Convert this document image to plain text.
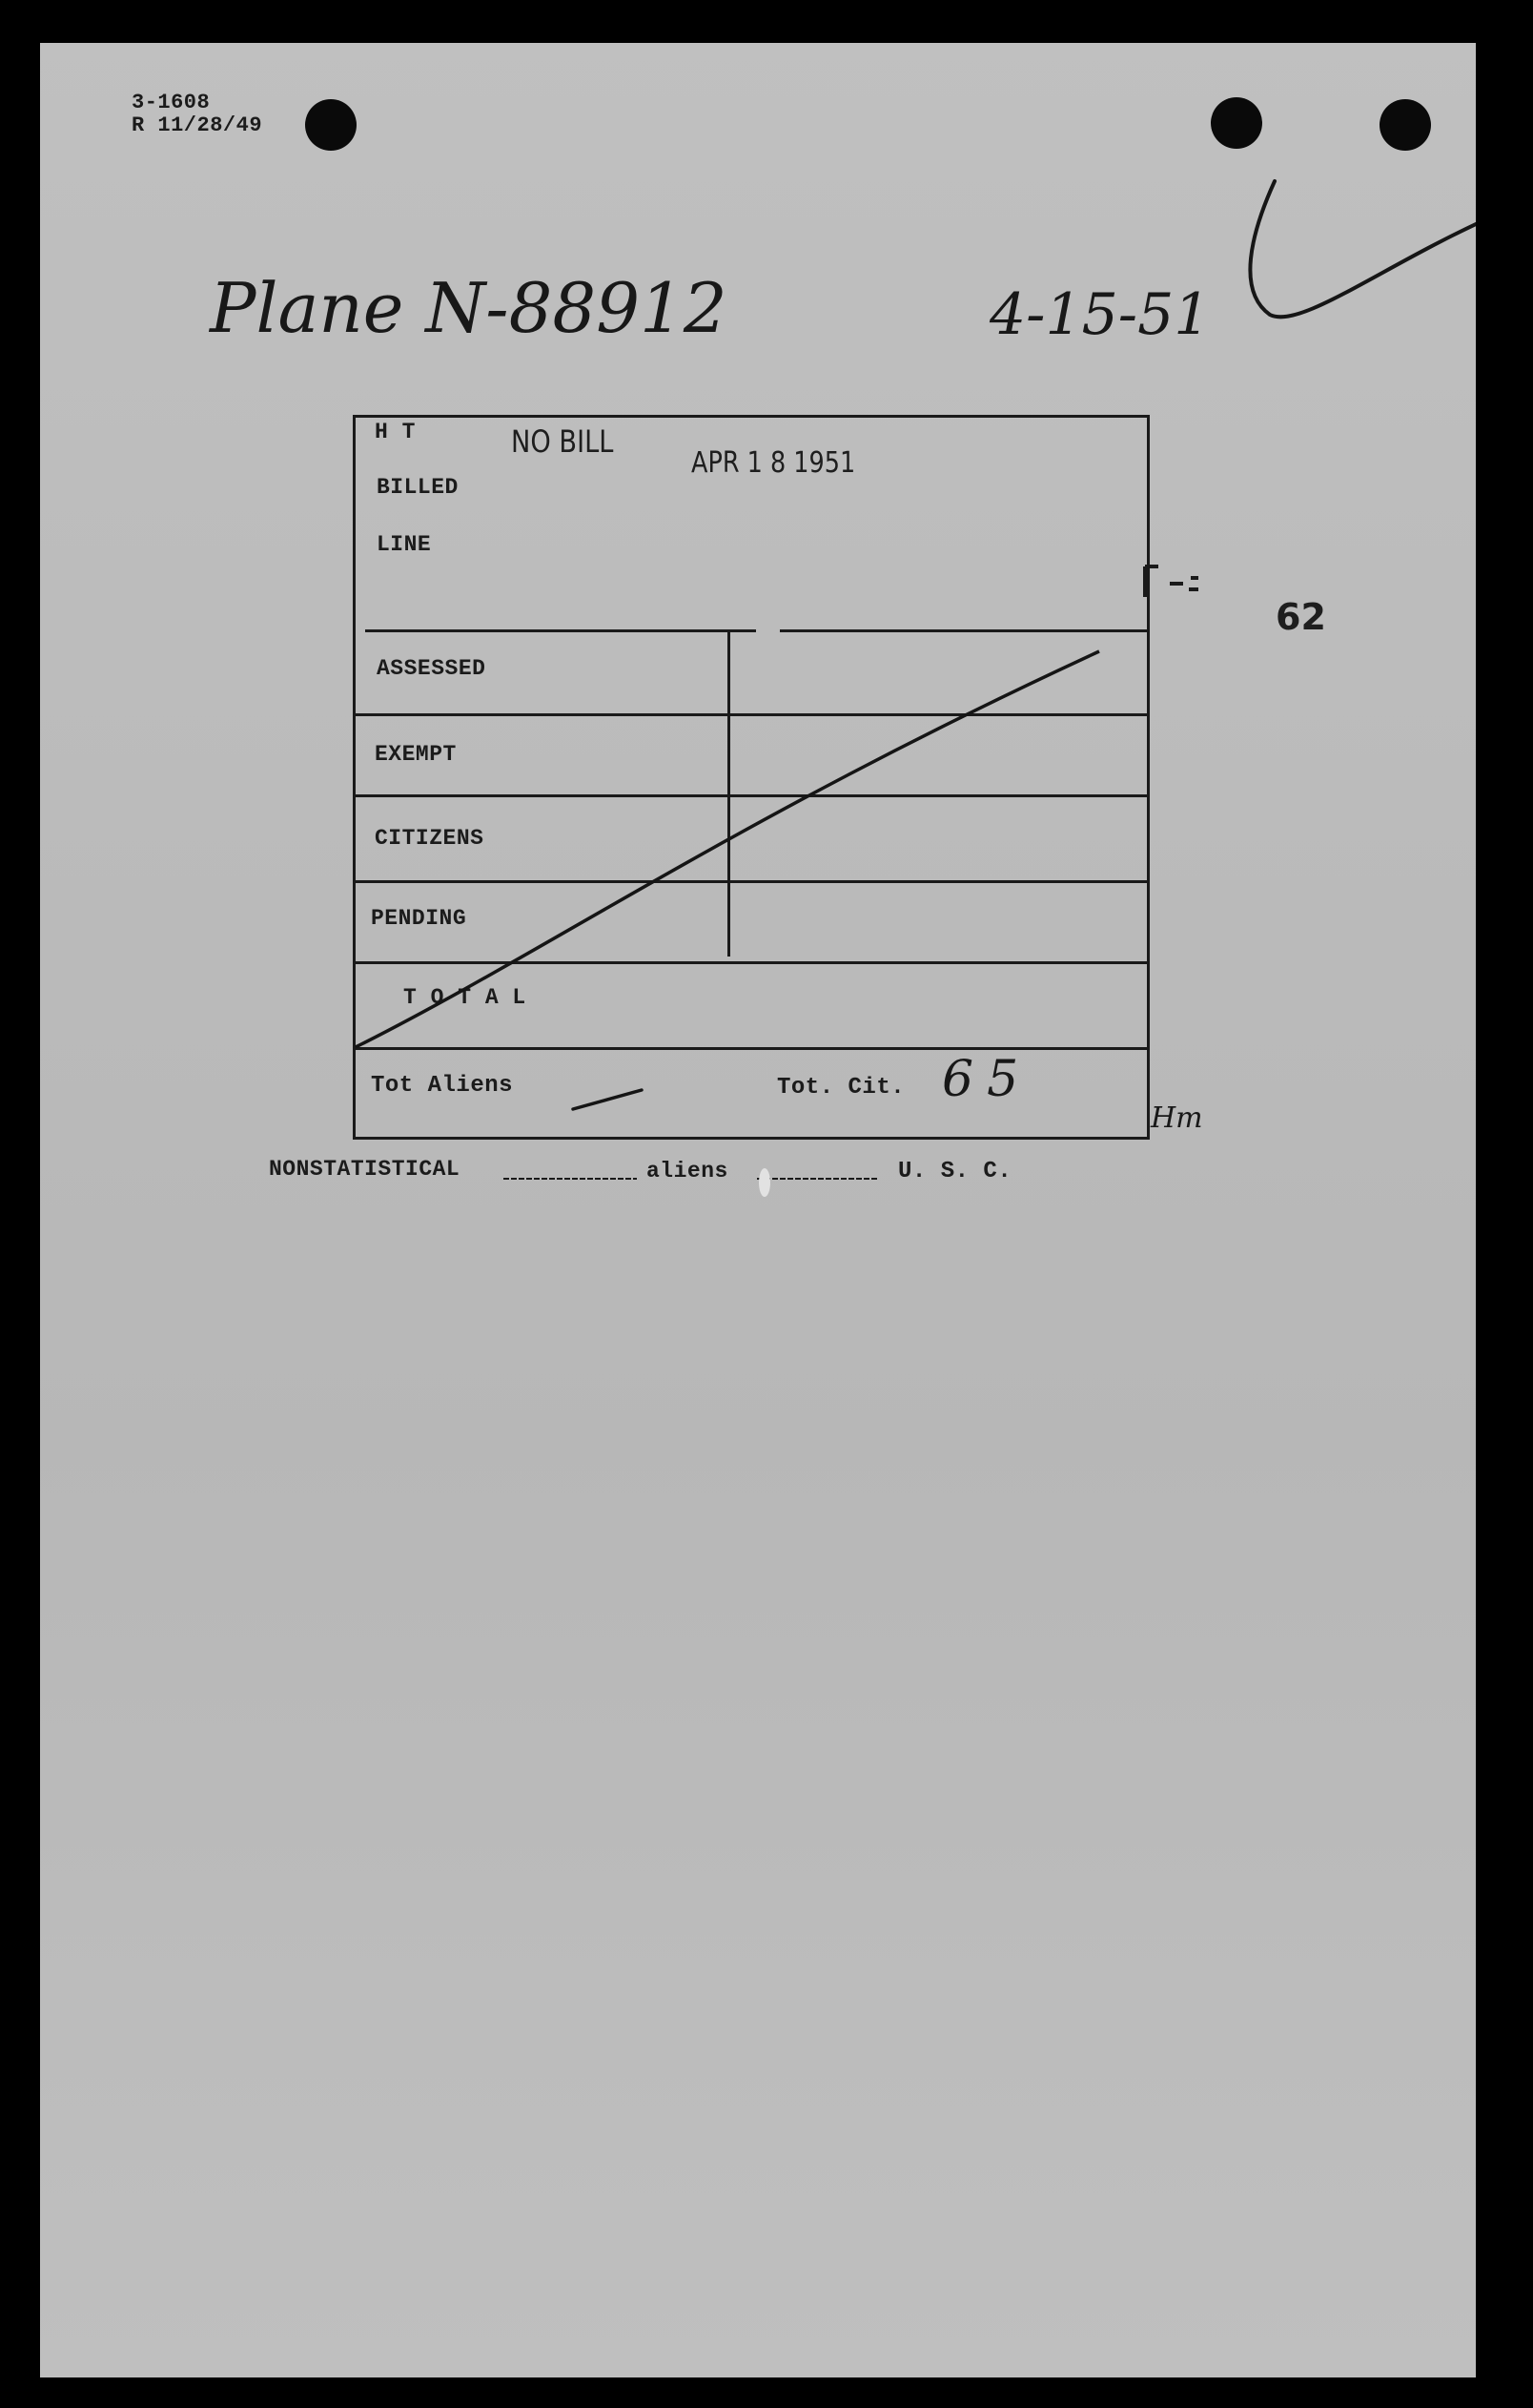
3-1608
R 11/28/49
Plane N-88912	4-15-51
H T	NO BILL
APR 1 8 1951
BILLED
LINE
ASSESSED
EXEMPT
CITIZENS
PENDING
T O T A L
Tot Aliens	Tot. Cit. 65
Hm
62
NONSTATISTICAL	aliens	U. S. C.
